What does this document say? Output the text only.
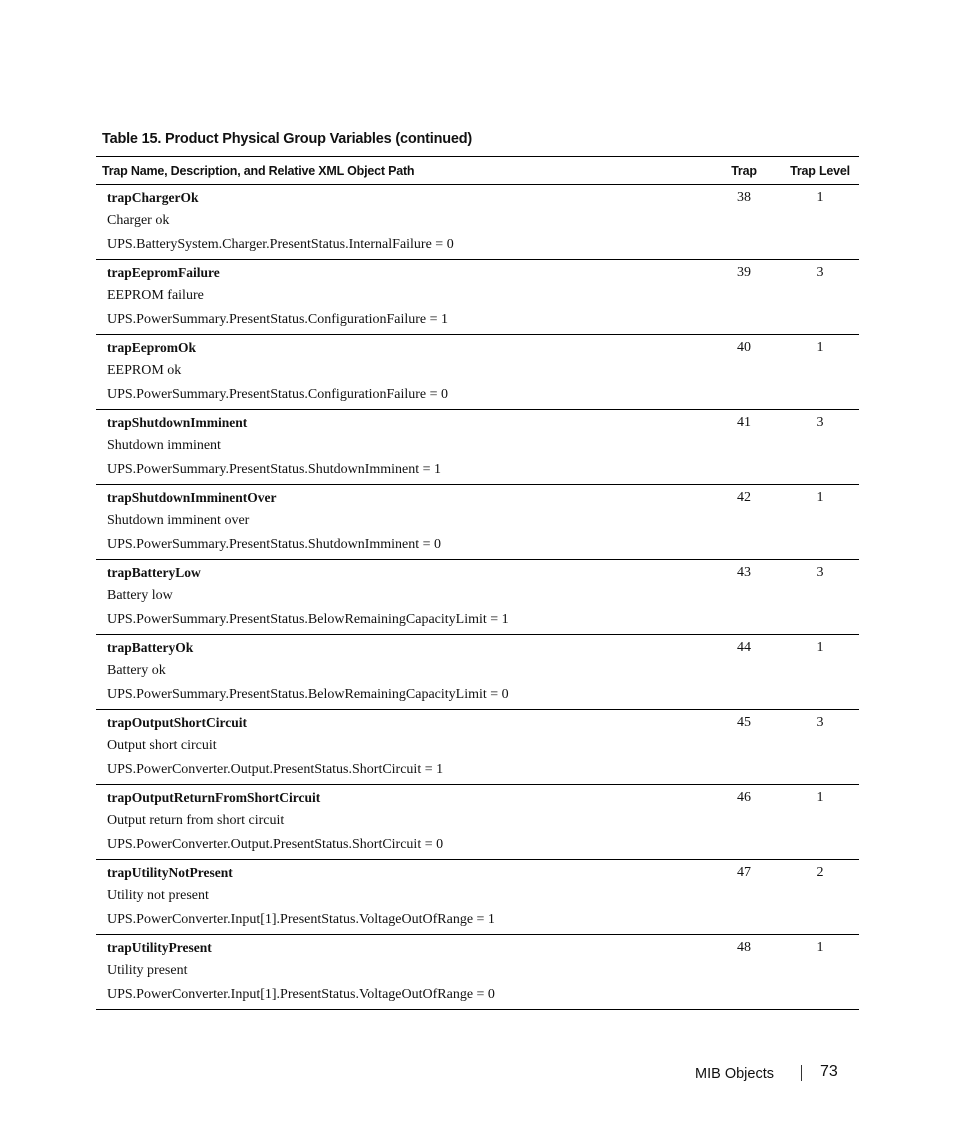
Table 15. Product Physical Group Variables (continued)
Trap Name, Description, and Relative XML Object Path	Trap	Trap Level
trapChargerOk
Charger ok
UPS.BatterySystem.Charger.PresentStatus.InternalFailure = 0
38	1
trapEepromFailure
EEPROM failure
UPS.PowerSummary.PresentStatus.ConfigurationFailure = 1
39	3
trapEepromOk
EEPROM ok
UPS.PowerSummary.PresentStatus.ConfigurationFailure = 0
40	1
trapShutdownImminent
Shutdown imminent
UPS.PowerSummary.PresentStatus.ShutdownImminent = 1
41	3
trapShutdownImminentOver
Shutdown imminent over
UPS.PowerSummary.PresentStatus.ShutdownImminent = 0
42	1
trapBatteryLow
Battery low
UPS.PowerSummary.PresentStatus.BelowRemainingCapacityLimit = 1
43	3
trapBatteryOk
Battery ok
UPS.PowerSummary.PresentStatus.BelowRemainingCapacityLimit = 0
44	1
trapOutputShortCircuit
Output short circuit
UPS.PowerConverter.Output.PresentStatus.ShortCircuit = 1
45	3
trapOutputReturnFromShortCircuit
Output return from short circuit
UPS.PowerConverter.Output.PresentStatus.ShortCircuit = 0
46	1
trapUtilityNotPresent
Utility not present
UPS.PowerConverter.Input[1].PresentStatus.VoltageOutOfRange = 1
47	2
trapUtilityPresent
Utility present
UPS.PowerConverter.Input[1].PresentStatus.VoltageOutOfRange = 0
48	1
MIB Objects	73
